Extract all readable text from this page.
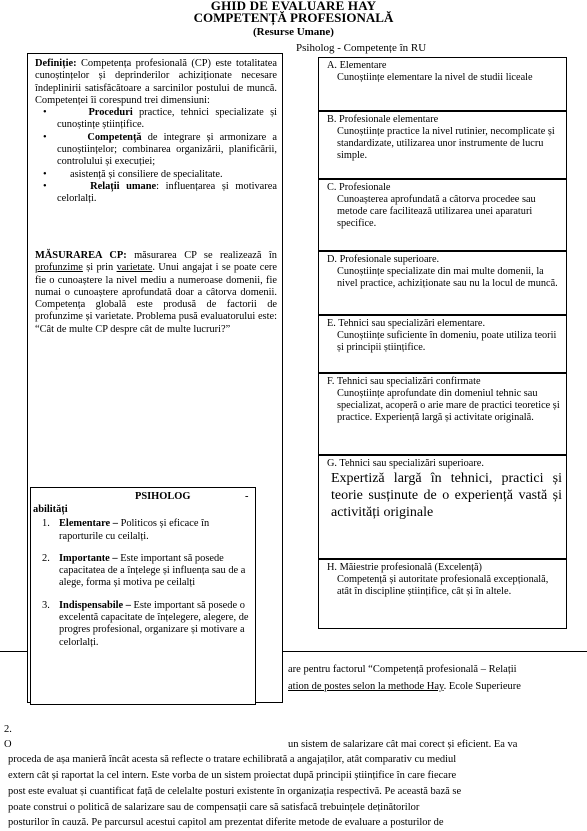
GHID DE EVALUARE HAY
COMPETENȚĂ PROFESIONALĂ
(Resurse Umane)
Psiholog - Competențe în RU
A. Elementare
Cunoștiințe elementare la nivel de studii liceale
B. Profesionale elementare
Cunoștiințe practice la nivel rutinier, necomplicate și standardizate, utilizarea unor instrumente de lucru simple.
C. Profesionale
Cunoașterea aprofundată a câtorva procedee sau metode care facilitează utilizarea unei aparaturi specifice.
D. Profesionale superioare.
Cunoștiințe specializate din mai multe domenii, la nivel practice, achiziționate sau nu la locul de muncă.
E. Tehnici sau specializări elementare.
Cunoștiințe suficiente în domeniu, poate utiliza teorii și principii științifice.
F. Tehnici sau specializări confirmate
Cunoștiințe aprofundate din domeniul tehnic sau specializat, acoperă o arie mare de practici teoretice și practice. Experiență largă și activitate originală.
G. Tehnici sau specializări superioare.
Expertiză largă în tehnici, practici și teorie susținute de o experiență vastă și activități originale
H. Măiestrie profesională (Excelență)
Competență și autoritate profesională excepțională, atât în discipline științifice, cât și în altele.
are pentru factorul “Competență profesională – Relații
ation de postes selon la methode Hay. Ecole Superieure
2.
O	un sistem de salarizare cât mai corect și eficient. Ea va
proceda de așa manieră încât acesta să reflecte o tratare echilibrată a angajaților, atât comparativ cu mediul
extern cât și raportat la cel intern. Este vorba de un sistem proiectat după principii științifice în care fiecare
post este evaluat și cuantificat față de celelalte posturi existente în organizația respectivă. Pe această bază se
poate construi o politică de salarizare sau de compensații care să satisfacă trebuințele deținătorilor
posturilor în cauză. Pe parcursul acestui capitol am prezentat diferite metode de evaluare a posturilor de
Definiție: Competența profesională (CP) este totalitatea cunoștințelor și deprinderilor achiziționate necesare îndeplinirii satisfăcătoare a sarcinilor postului de muncă. Competenței îi corespund trei dimensiuni:
• Proceduri practice, tehnici specializate și cunoștințe științifice.
• Competență de integrare și armonizare a cunoștiințelor; combinarea organizării, planificării, controlului și execuției;
• asistență și consiliere de specialitate.
• Relații umane: influențarea și motivarea celorlalți.
MĂSURAREA CP: măsurarea CP se realizează în profunzime și prin varietate. Unui angajat i se poate cere fie o cunoaștere la nivel mediu a numeroase domenii, fie numai o cunoaștere aprofundată doar a câtorva domenii. Competența globală este produsă de factorii de profunzime și varietate. Problema pusă evaluatorului este: “Cât de multe CP despre cât de multe lucruri?”
PSIHOLOG	-
abilități
1. Elementare – Politicos și eficace în raporturile cu ceilalți.
2. Importante – Este important să posede capacitatea de a înțelege și influența sau de a alege, forma și motiva pe ceilalți
3. Indispensabile – Este important să posede o excelentă capacitate de înțelegere, alegere, de progres profesional, organizare și motivare a celorlalți.
